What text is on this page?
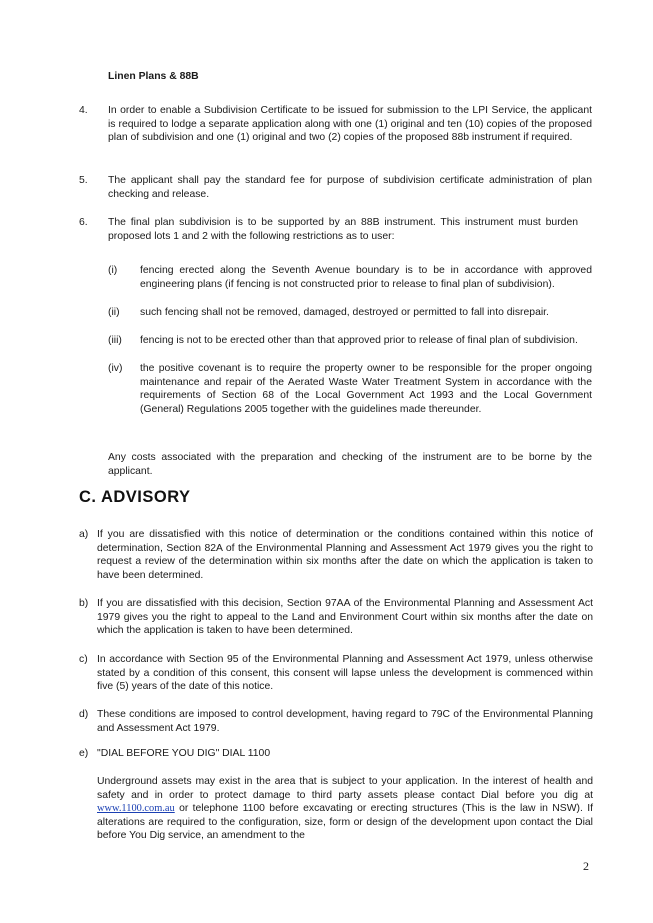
Linen Plans & 88B
4. In order to enable a Subdivision Certificate to be issued for submission to the LPI Service, the applicant is required to lodge a separate application along with one (1) original and ten (10) copies of the proposed plan of subdivision and one (1) original and two (2) copies of the proposed 88b instrument if required.
5. The applicant shall pay the standard fee for purpose of subdivision certificate administration of plan checking and release.
6. The final plan subdivision is to be supported by an 88B instrument. This instrument must burden proposed lots 1 and 2 with the following restrictions as to user:
(i) fencing erected along the Seventh Avenue boundary is to be in accordance with approved engineering plans (if fencing is not constructed prior to release to final plan of subdivision).
(ii) such fencing shall not be removed, damaged, destroyed or permitted to fall into disrepair.
(iii) fencing is not to be erected other than that approved prior to release of final plan of subdivision.
(iv) the positive covenant is to require the property owner to be responsible for the proper ongoing maintenance and repair of the Aerated Waste Water Treatment System in accordance with the requirements of Section 68 of the Local Government Act 1993 and the Local Government (General) Regulations 2005 together with the guidelines made thereunder.
Any costs associated with the preparation and checking of the instrument are to be borne by the applicant.
C. ADVISORY
a) If you are dissatisfied with this notice of determination or the conditions contained within this notice of determination, Section 82A of the Environmental Planning and Assessment Act 1979 gives you the right to request a review of the determination within six months after the date on which the application is taken to have been determined.
b) If you are dissatisfied with this decision, Section 97AA of the Environmental Planning and Assessment Act 1979 gives you the right to appeal to the Land and Environment Court within six months after the date on which the application is taken to have been determined.
c) In accordance with Section 95 of the Environmental Planning and Assessment Act 1979, unless otherwise stated by a condition of this consent, this consent will lapse unless the development is commenced within five (5) years of the date of this notice.
d) These conditions are imposed to control development, having regard to 79C of the Environmental Planning and Assessment Act 1979.
e) "DIAL BEFORE YOU DIG" DIAL 1100
Underground assets may exist in the area that is subject to your application. In the interest of health and safety and in order to protect damage to third party assets please contact Dial before you dig at www.1100.com.au or telephone 1100 before excavating or erecting structures (This is the law in NSW). If alterations are required to the configuration, size, form or design of the development upon contact the Dial before You Dig service, an amendment to the
2
